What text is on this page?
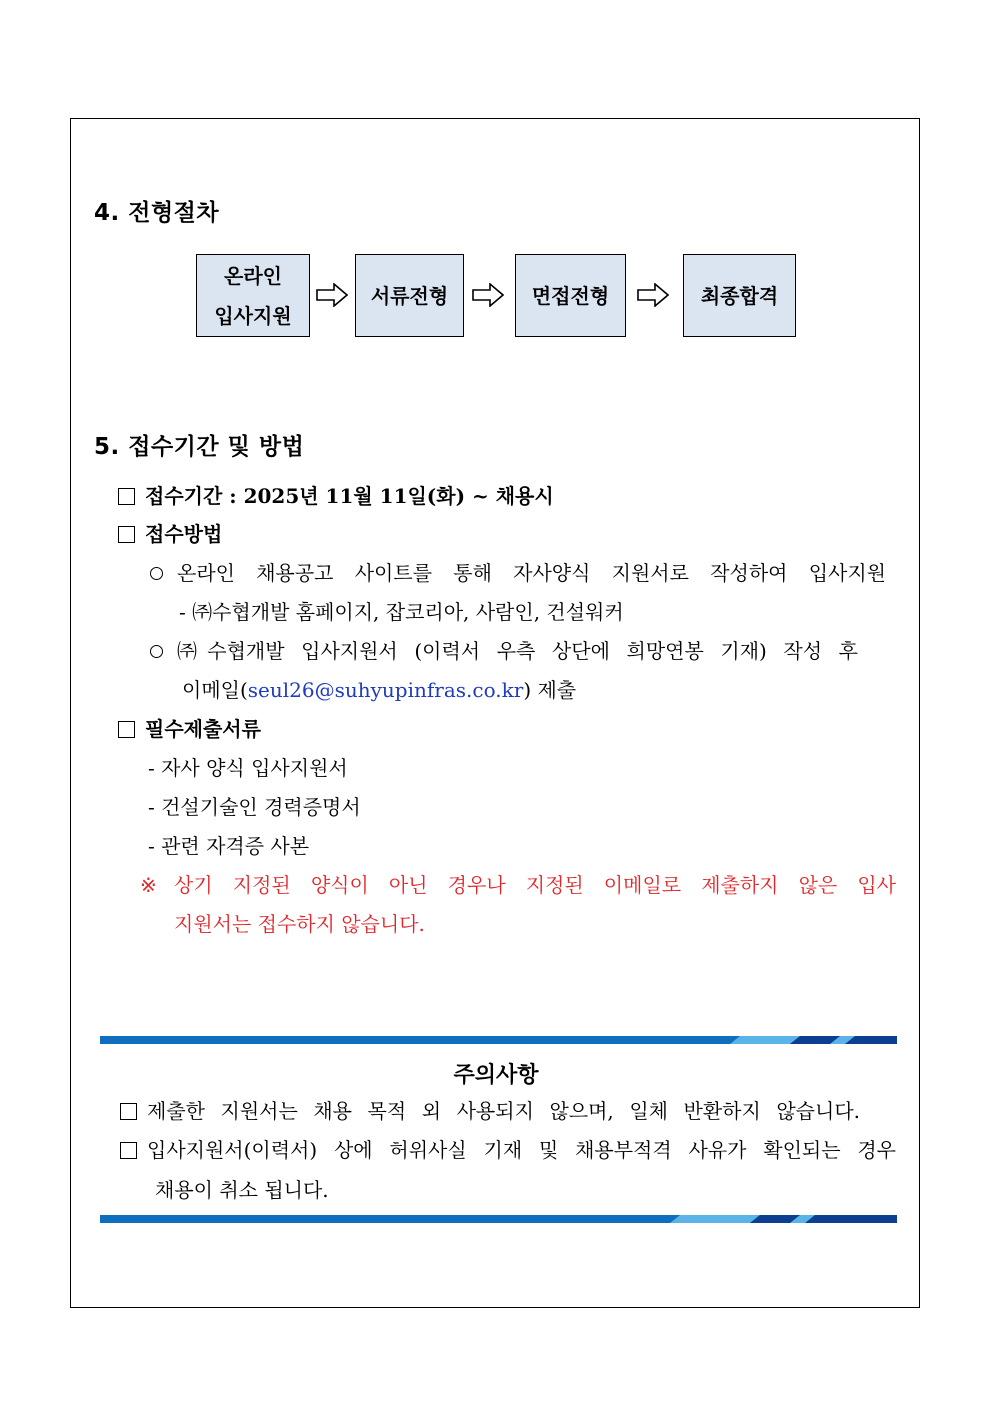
4. 전형절차
온라인
입사지원
서류전형	면접전형	최종합격
5. 접수기간 및 방법
접수기간 : 2025년 11월 11일(화) ~ 채용시
접수방법
온라인 채용공고 사이트를 통해 자사양식 지원서로 작성하여 입사지원
- ㈜수협개발 홈페이지, 잡코리아, 사람인, 건설워커
㈜수협개발 입사지원서 (이력서 우측 상단에 희망연봉 기재) 작성 후
이메일(seul26@suhyupinfras.co.kr) 제출
필수제출서류
- 자사 양식 입사지원서
- 건설기술인 경력증명서
- 관련 자격증 사본
※ 상기 지정된 양식이 아닌 경우나 지정된 이메일로 제출하지 않은 입사
지원서는 접수하지 않습니다.
주의사항
제출한 지원서는 채용 목적 외 사용되지 않으며, 일체 반환하지 않습니다.
입사지원서(이력서) 상에 허위사실 기재 및 채용부적격 사유가 확인되는 경우
채용이 취소 됩니다.
